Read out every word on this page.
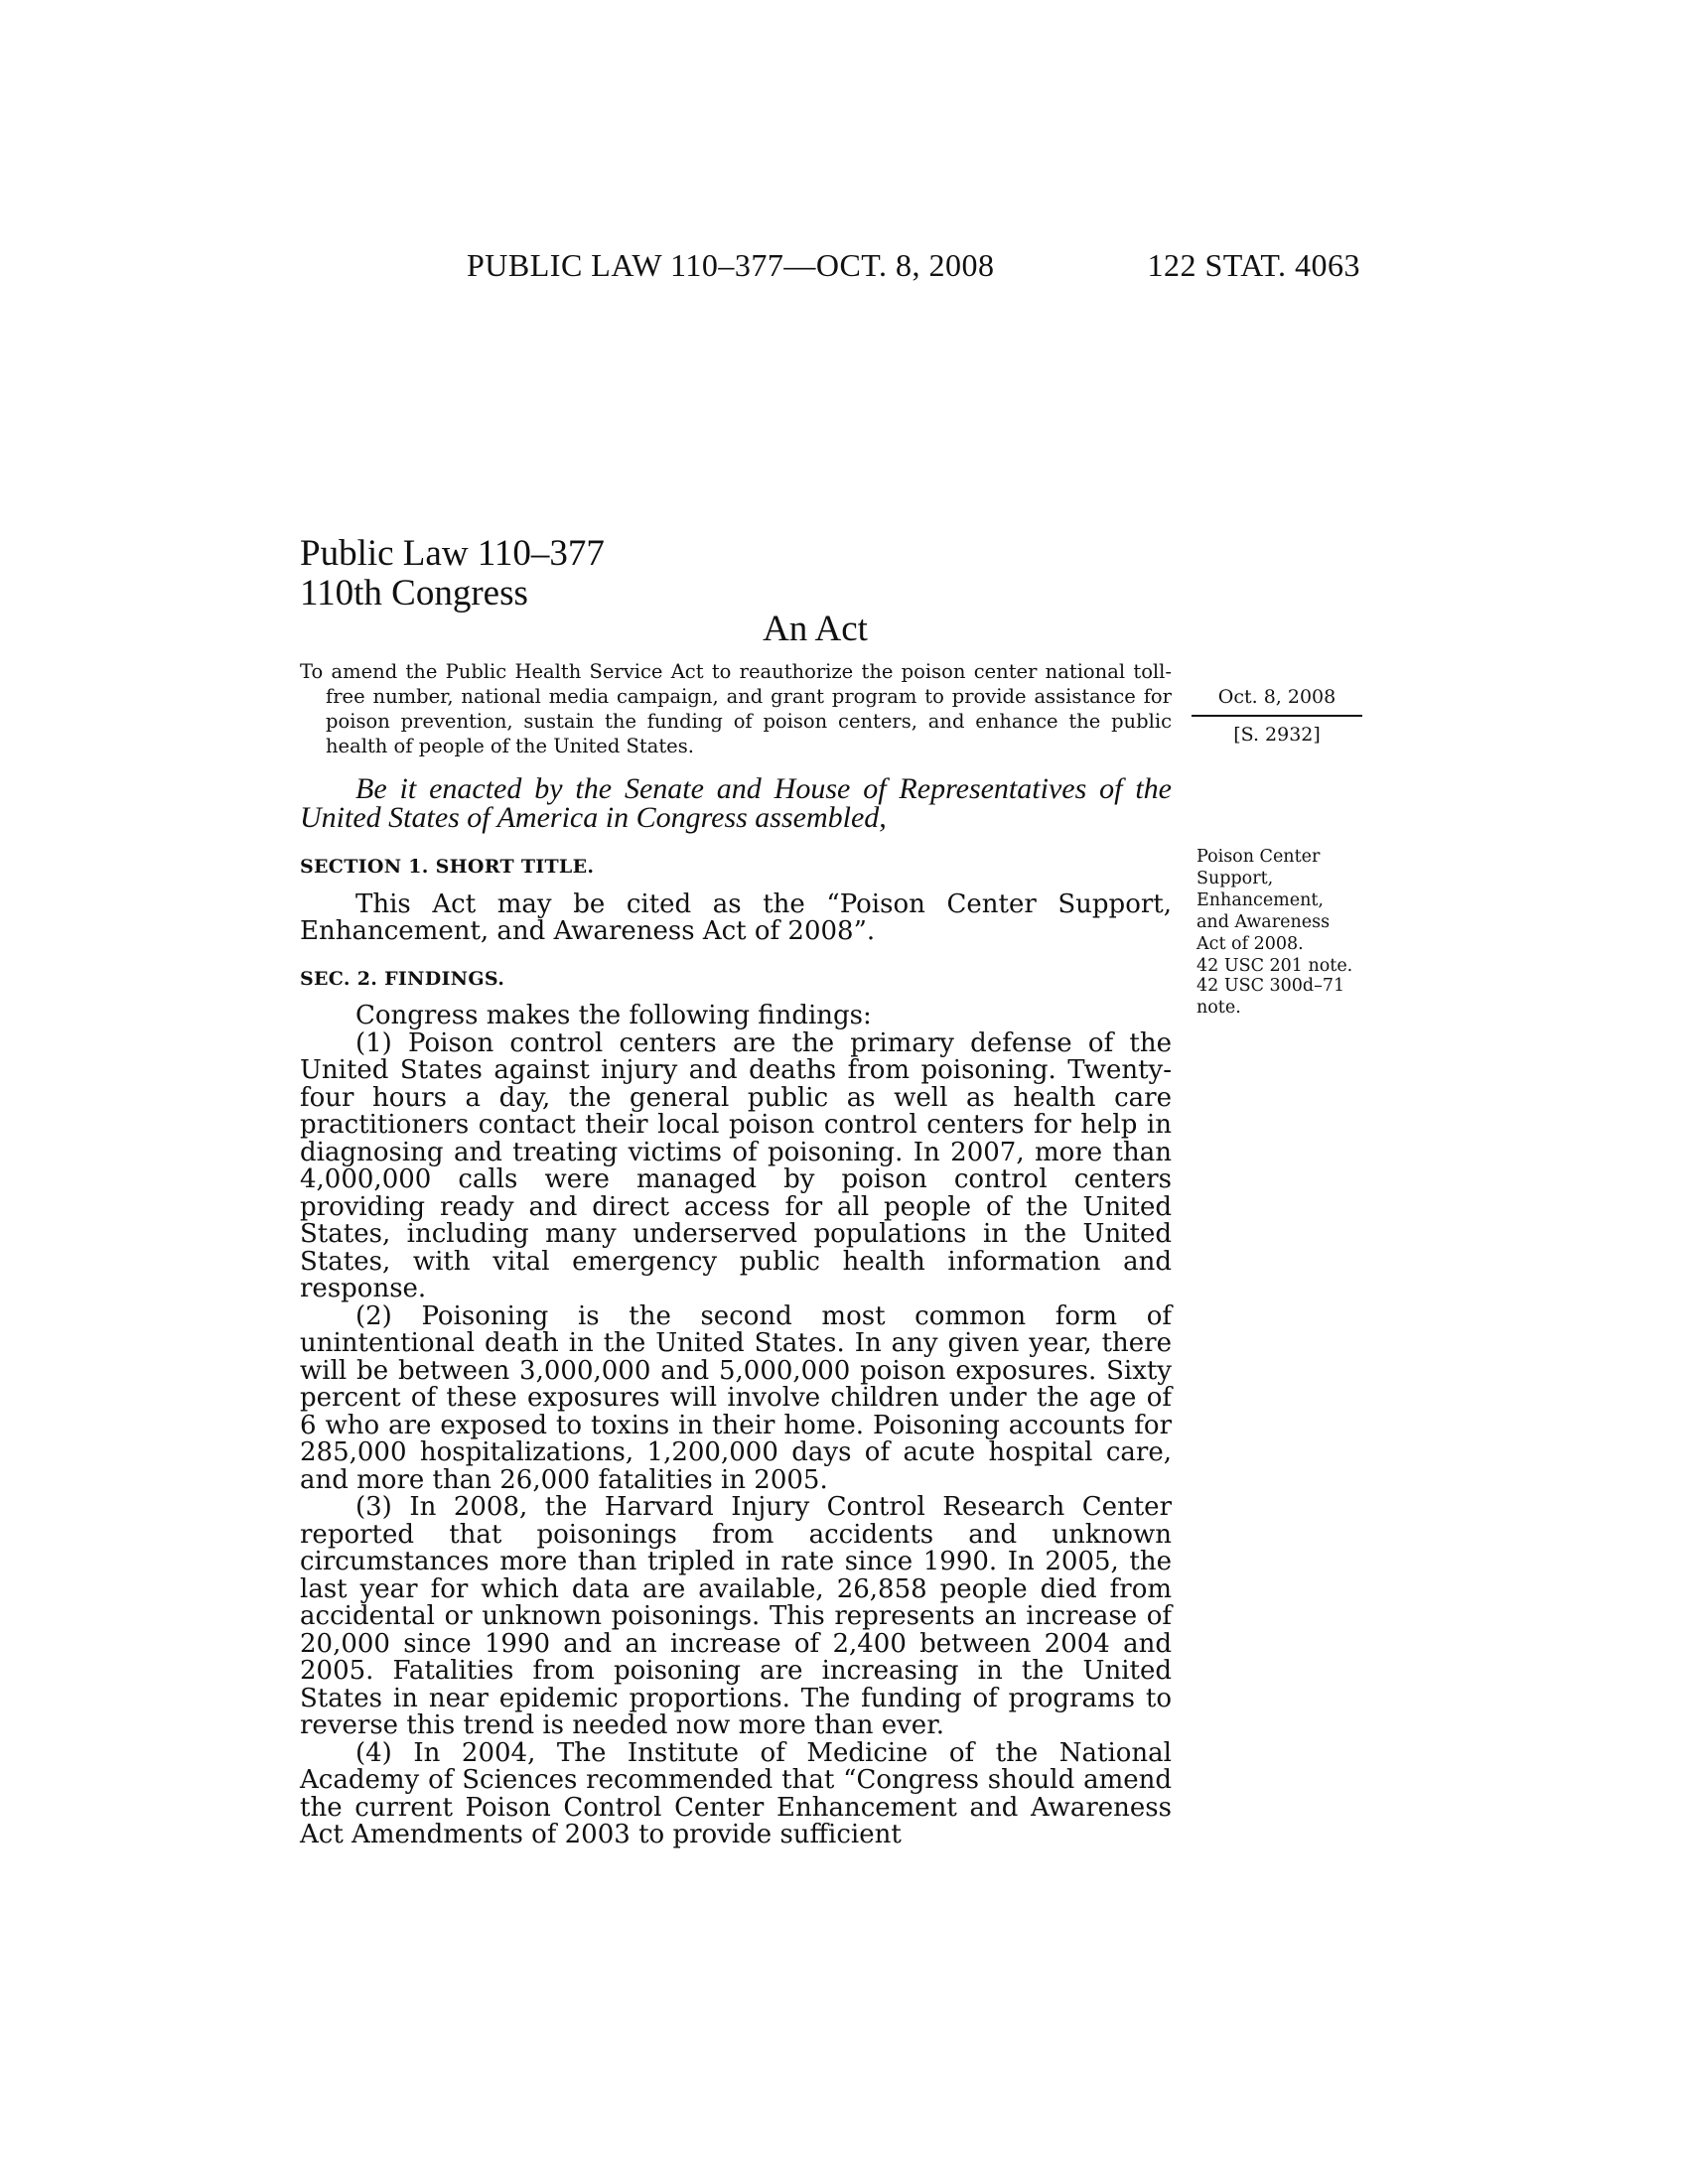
PUBLIC LAW 110–377—OCT. 8, 2008	122 STAT. 4063
Public Law 110–377
110th Congress
An Act

To amend the Public Health Service Act to reauthorize the poison center national toll-free number, national media campaign, and grant program to provide assistance for poison prevention, sustain the funding of poison centers, and enhance the public health of people of the United States.

Oct. 8, 2008
[S. 2932]

Poison Center

Support,

Enhancement,

and Awareness

Act of 2008.

42 USC 201 note.

42 USC 300d–71

note.

Be it enacted by the Senate and House of Representatives of the United States of America in Congress assembled,

SECTION 1. SHORT TITLE.

This Act may be cited as the “Poison Center Support, Enhancement, and Awareness Act of 2008”.

SEC. 2. FINDINGS.

Congress makes the following findings:

(1) Poison control centers are the primary defense of the United States against injury and deaths from poisoning. Twenty-four hours a day, the general public as well as health care practitioners contact their local poison control centers for help in diagnosing and treating victims of poisoning. In 2007, more than 4,000,000 calls were managed by poison control centers providing ready and direct access for all people of the United States, including many underserved populations in the United States, with vital emergency public health information and response.

(2) Poisoning is the second most common form of unintentional death in the United States. In any given year, there will be between 3,000,000 and 5,000,000 poison exposures. Sixty percent of these exposures will involve children under the age of 6 who are exposed to toxins in their home. Poisoning accounts for 285,000 hospitalizations, 1,200,000 days of acute hospital care, and more than 26,000 fatalities in 2005.

(3) In 2008, the Harvard Injury Control Research Center reported that poisonings from accidents and unknown circumstances more than tripled in rate since 1990. In 2005, the last year for which data are available, 26,858 people died from accidental or unknown poisonings. This represents an increase of 20,000 since 1990 and an increase of 2,400 between 2004 and 2005. Fatalities from poisoning are increasing in the United States in near epidemic proportions. The funding of programs to reverse this trend is needed now more than ever.

(4) In 2004, The Institute of Medicine of the National Academy of Sciences recommended that “Congress should amend the current Poison Control Center Enhancement and Awareness Act Amendments of 2003 to provide sufficient
